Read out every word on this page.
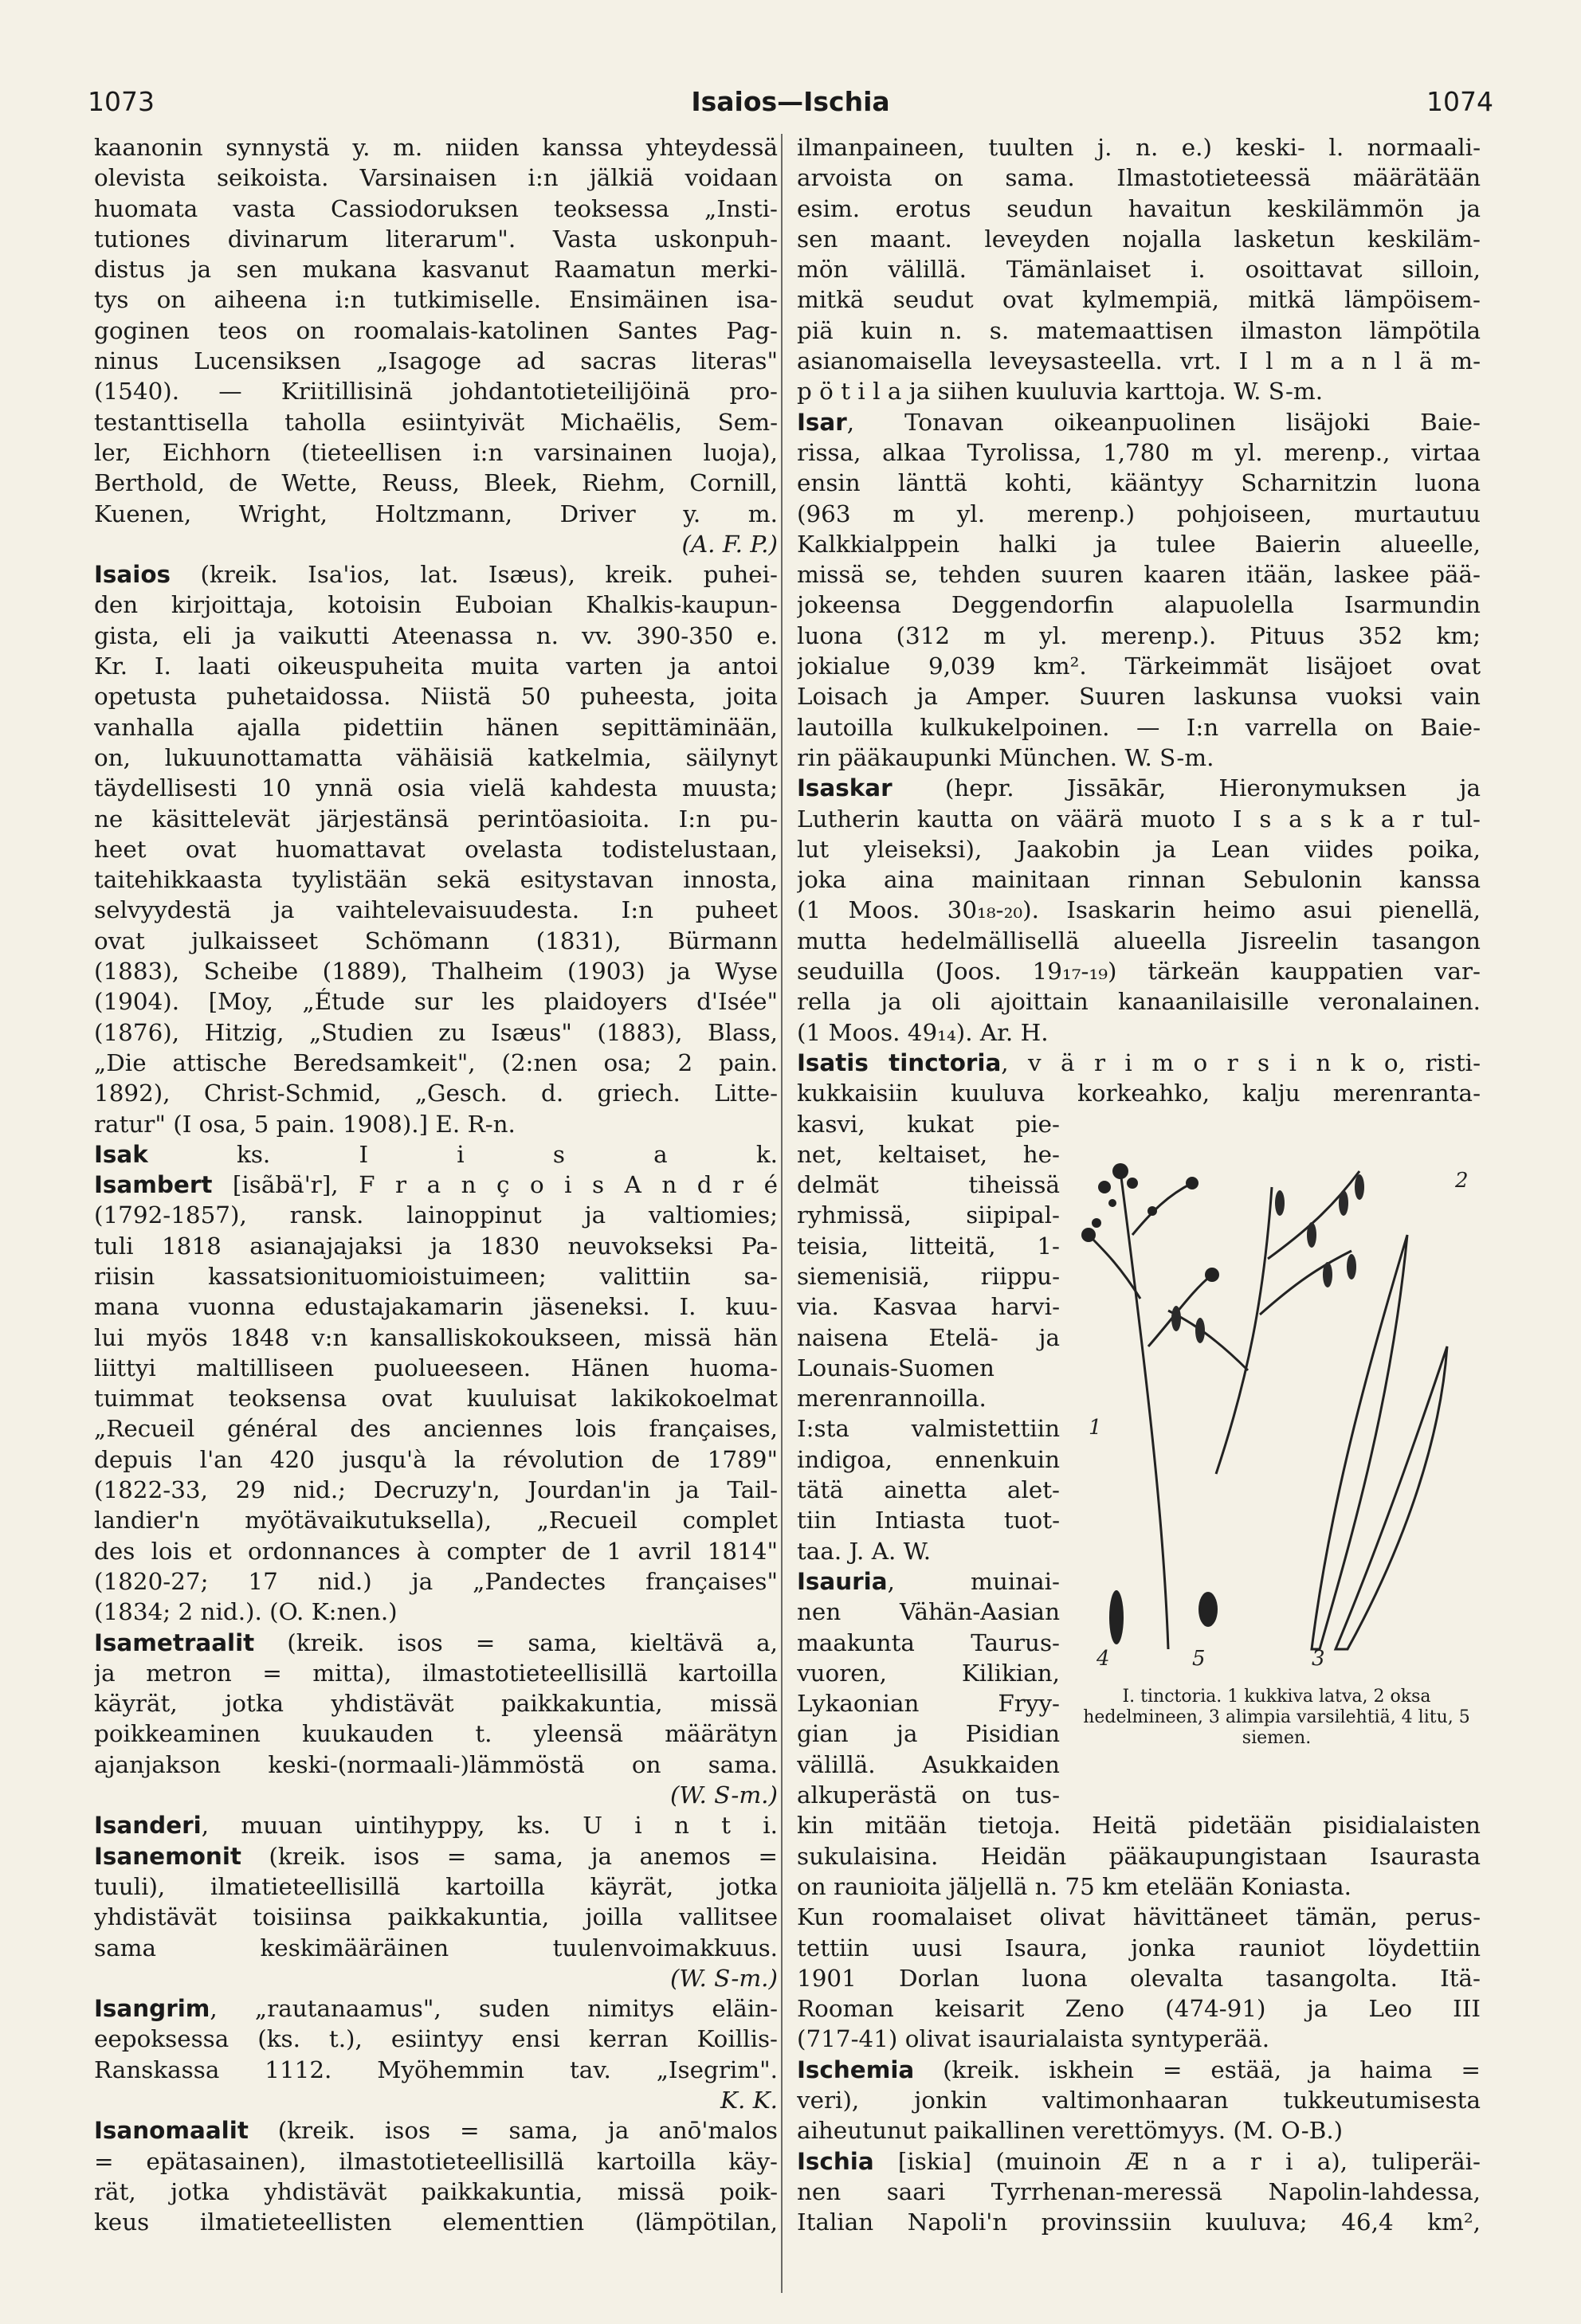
1073	Isaios—Ischia	1074
kaanonin synnystä y. m. niiden kanssa yhteydessä
olevista seikoista. Varsinaisen i:n jälkiä voidaan
huomata vasta Cassiodoruksen teoksessa „Insti-
tutiones divinarum literarum". Vasta uskonpuh-
distus ja sen mukana kasvanut Raamatun merki-
tys on aiheena i:n tutkimiselle. Ensimäinen isa-
goginen teos on roomalais-katolinen Santes Pag-
ninus Lucensiksen „Isagoge ad sacras literas"
(1540). — Kriitillisinä johdantotieteilijöinä pro-
testanttisella taholla esiintyivät Michaëlis, Sem-
ler, Eichhorn (tieteellisen i:n varsinainen luoja),
Berthold, de Wette, Reuss, Bleek, Riehm, Cornill,
Kuenen, Wright, Holtzmann, Driver y. m.
(A. F. P.)
Isaios (kreik. Isa'ios, lat. Isæus), kreik. puhei-
den kirjoittaja, kotoisin Euboian Khalkis-kaupun-
gista, eli ja vaikutti Ateenassa n. vv. 390-350 e.
Kr. I. laati oikeuspuheita muita varten ja antoi
opetusta puhetaidossa. Niistä 50 puheesta, joita
vanhalla ajalla pidettiin hänen sepittäminään,
on, lukuunottamatta vähäisiä katkelmia, säilynyt
täydellisesti 10 ynnä osia vielä kahdesta muusta;
ne käsittelevät järjestänsä perintöasioita. I:n pu-
heet ovat huomattavat ovelasta todistelustaan,
taitehikkaasta tyylistään sekä esitystavan innosta,
selvyydestä ja vaihtelevaisuudesta. I:n puheet
ovat julkaisseet Schömann (1831), Bürmann
(1883), Scheibe (1889), Thalheim (1903) ja Wyse
(1904). [Moy, „Étude sur les plaidoyers d'Isée"
(1876), Hitzig, „Studien zu Isæus" (1883), Blass,
„Die attische Beredsamkeit", (2:nen osa; 2 pain.
1892), Christ-Schmid, „Gesch. d. griech. Litte-
ratur" (I osa, 5 pain. 1908).] E. R-n.
Isak ks. I i s a k.
Isambert [isãbä'r], F r a n ç o i s A n d r é
(1792-1857), ransk. lainoppinut ja valtiomies;
tuli 1818 asianajajaksi ja 1830 neuvokseksi Pa-
riisin kassatsionituomioistuimeen; valittiin sa-
mana vuonna edustajakamarin jäseneksi. I. kuu-
lui myös 1848 v:n kansalliskokoukseen, missä hän
liittyi maltilliseen puolueeseen. Hänen huoma-
tuimmat teoksensa ovat kuuluisat lakikokoelmat
„Recueil général des anciennes lois françaises,
depuis l'an 420 jusqu'à la révolution de 1789"
(1822-33, 29 nid.; Decruzy'n, Jourdan'in ja Tail-
landier'n myötävaikutuksella), „Recueil complet
des lois et ordonnances à compter de 1 avril 1814"
(1820-27; 17 nid.) ja „Pandectes françaises"
(1834; 2 nid.). (O. K:nen.)
Isametraalit (kreik. isos = sama, kieltävä a,
ja metron = mitta), ilmastotieteellisillä kartoilla
käyrät, jotka yhdistävät paikkakuntia, missä
poikkeaminen kuukauden t. yleensä määrätyn
ajanjakson keski-(normaali-)lämmöstä on sama.
(W. S-m.)
Isanderi, muuan uintihyppy, ks. U i n t i.
Isanemonit (kreik. isos = sama, ja anemos =
tuuli), ilmatieteellisillä kartoilla käyrät, jotka
yhdistävät toisiinsa paikkakuntia, joilla vallitsee
sama keskimääräinen tuulenvoimakkuus.
(W. S-m.)
Isangrim, „rautanaamus", suden nimitys eläin-
eepoksessa (ks. t.), esiintyy ensi kerran Koillis-
Ranskassa 1112. Myöhemmin tav. „Isegrim".
K. K.
Isanomaalit (kreik. isos = sama, ja anō'malos
= epätasainen), ilmastotieteellisillä kartoilla käy-
rät, jotka yhdistävät paikkakuntia, missä poik-
keus ilmatieteellisten elementtien (lämpötilan,
ilmanpaineen, tuulten j. n. e.) keski- l. normaali-
arvoista on sama. Ilmastotieteessä määrätään
esim. erotus seudun havaitun keskilämmön ja
sen maant. leveyden nojalla lasketun keskiläm-
mön välillä. Tämänlaiset i. osoittavat silloin,
mitkä seudut ovat kylmempiä, mitkä lämpöisem-
piä kuin n. s. matemaattisen ilmaston lämpötila
asianomaisella leveysasteella. vrt. I l m a n l ä m-
p ö t i l a ja siihen kuuluvia karttoja. W. S-m.
Isar, Tonavan oikeanpuolinen lisäjoki Baie-
rissa, alkaa Tyrolissa, 1,780 m yl. merenp., virtaa
ensin länttä kohti, kääntyy Scharnitzin luona
(963 m yl. merenp.) pohjoiseen, murtautuu
Kalkkialppein halki ja tulee Baierin alueelle,
missä se, tehden suuren kaaren itään, laskee pää-
jokeensa Deggendorfin alapuolella Isarmundin
luona (312 m yl. merenp.). Pituus 352 km;
jokialue 9,039 km². Tärkeimmät lisäjoet ovat
Loisach ja Amper. Suuren laskunsa vuoksi vain
lautoilla kulkukelpoinen. — I:n varrella on Baie-
rin pääkaupunki München. W. S-m.
Isaskar (hepr. Jissākār, Hieronymuksen ja
Lutherin kautta on väärä muoto I s a s k a r tul-
lut yleiseksi), Jaakobin ja Lean viides poika,
joka aina mainitaan rinnan Sebulonin kanssa
(1 Moos. 30₁₈-₂₀). Isaskarin heimo asui pienellä,
mutta hedelmällisellä alueella Jisreelin tasangon
seuduilla (Joos. 19₁₇-₁₉) tärkeän kauppatien var-
rella ja oli ajoittain kanaanilaisille veronalainen.
(1 Moos. 49₁₄). Ar. H.
Isatis tinctoria, v ä r i m o r s i n k o, risti-
kukkaisiin kuuluva korkeahko, kalju merenranta-
kasvi, kukat pie-
net, keltaiset, he-
delmät tiheissä
ryhmissä, siipipal-
teisia, litteitä, 1-
siemenisiä, riippu-
via. Kasvaa harvi-
naisena Etelä- ja
Lounais-Suomen
merenrannoilla.
I:sta valmistettiin
indigoa, ennenkuin
tätä ainetta alet-
tiin Intiasta tuot-
taa. J. A. W.
Isauria, muinai-
nen Vähän-Aasian
maakunta Taurus-
vuoren, Kilikian,
Lykaonian Fryy-
gian ja Pisidian
välillä. Asukkaiden
alkuperästä on tus-
kin mitään tietoja. Heitä pidetään pisidialaisten
sukulaisina. Heidän pääkaupungistaan Isaurasta
on raunioita jäljellä n. 75 km etelään Koniasta.
Kun roomalaiset olivat hävittäneet tämän, perus-
tettiin uusi Isaura, jonka rauniot löydettiin
1901 Dorlan luona olevalta tasangolta. Itä-
Rooman keisarit Zeno (474-91) ja Leo III
(717-41) olivat isaurialaista syntyperää.
Ischemia (kreik. iskhein = estää, ja haima =
veri), jonkin valtimonhaaran tukkeutumisesta
aiheutunut paikallinen verettömyys. (M. O-B.)
Ischia [iskia] (muinoin Æ n a r i a), tuliperäi-
nen saari Tyrrhenan-meressä Napolin-lahdessa,
Italian Napoli'n provinssiin kuuluva; 46,4 km²,
1
5	3
4
2
I. tinctoria. 1 kukkiva latva, 2 oksa hedelmineen, 3 alimpia varsilehtiä, 4 litu, 5 siemen.
